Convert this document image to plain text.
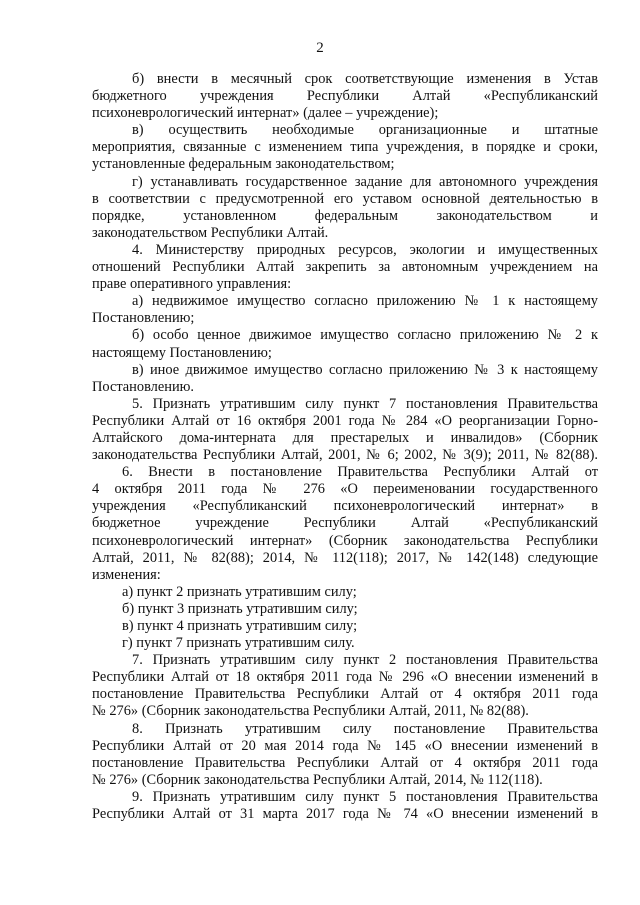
2
б) внести в месячный срок соответствующие изменения в Устав
бюджетного учреждения Республики Алтай «Республиканский
психоневрологический интернат» (далее – учреждение);
в) осуществить необходимые организационные и штатные
мероприятия, связанные с изменением типа учреждения, в порядке и сроки,
установленные федеральным законодательством;
г) устанавливать государственное задание для автономного учреждения
в соответствии с предусмотренной его уставом основной деятельностью в
порядке, установленном федеральным законодательством и
законодательством Республики Алтай.
4. Министерству природных ресурсов, экологии и имущественных
отношений Республики Алтай закрепить за автономным учреждением на
праве оперативного управления:
а) недвижимое имущество согласно приложению № 1 к настоящему
Постановлению;
б) особо ценное движимое имущество согласно приложению № 2 к
настоящему Постановлению;
в) иное движимое имущество согласно приложению № 3 к настоящему
Постановлению.
5. Признать утратившим силу пункт 7 постановления Правительства
Республики Алтай от 16 октября 2001 года № 284 «О реорганизации Горно-
Алтайского дома-интерната для престарелых и инвалидов» (Сборник
законодательства Республики Алтай, 2001, № 6; 2002, № 3(9); 2011, № 82(88).
6. Внести в постановление Правительства Республики Алтай от
4 октября 2011 года № 276 «О переименовании государственного
учреждения «Республиканский психоневрологический интернат» в
бюджетное учреждение Республики Алтай «Республиканский
психоневрологический интернат» (Сборник законодательства Республики
Алтай, 2011, № 82(88); 2014, № 112(118); 2017, № 142(148) следующие
изменения:
а) пункт 2 признать утратившим силу;
б) пункт 3 признать утратившим силу;
в) пункт 4 признать утратившим силу;
г) пункт 7 признать утратившим силу.
7. Признать утратившим силу пункт 2 постановления Правительства
Республики Алтай от 18 октября 2011 года № 296 «О внесении изменений в
постановление Правительства Республики Алтай от 4 октября 2011 года
№ 276» (Сборник законодательства Республики Алтай, 2011, № 82(88).
8. Признать утратившим силу постановление Правительства
Республики Алтай от 20 мая 2014 года № 145 «О внесении изменений в
постановление Правительства Республики Алтай от 4 октября 2011 года
№ 276» (Сборник законодательства Республики Алтай, 2014, № 112(118).
9. Признать утратившим силу пункт 5 постановления Правительства
Республики Алтай от 31 марта 2017 года № 74 «О внесении изменений в
